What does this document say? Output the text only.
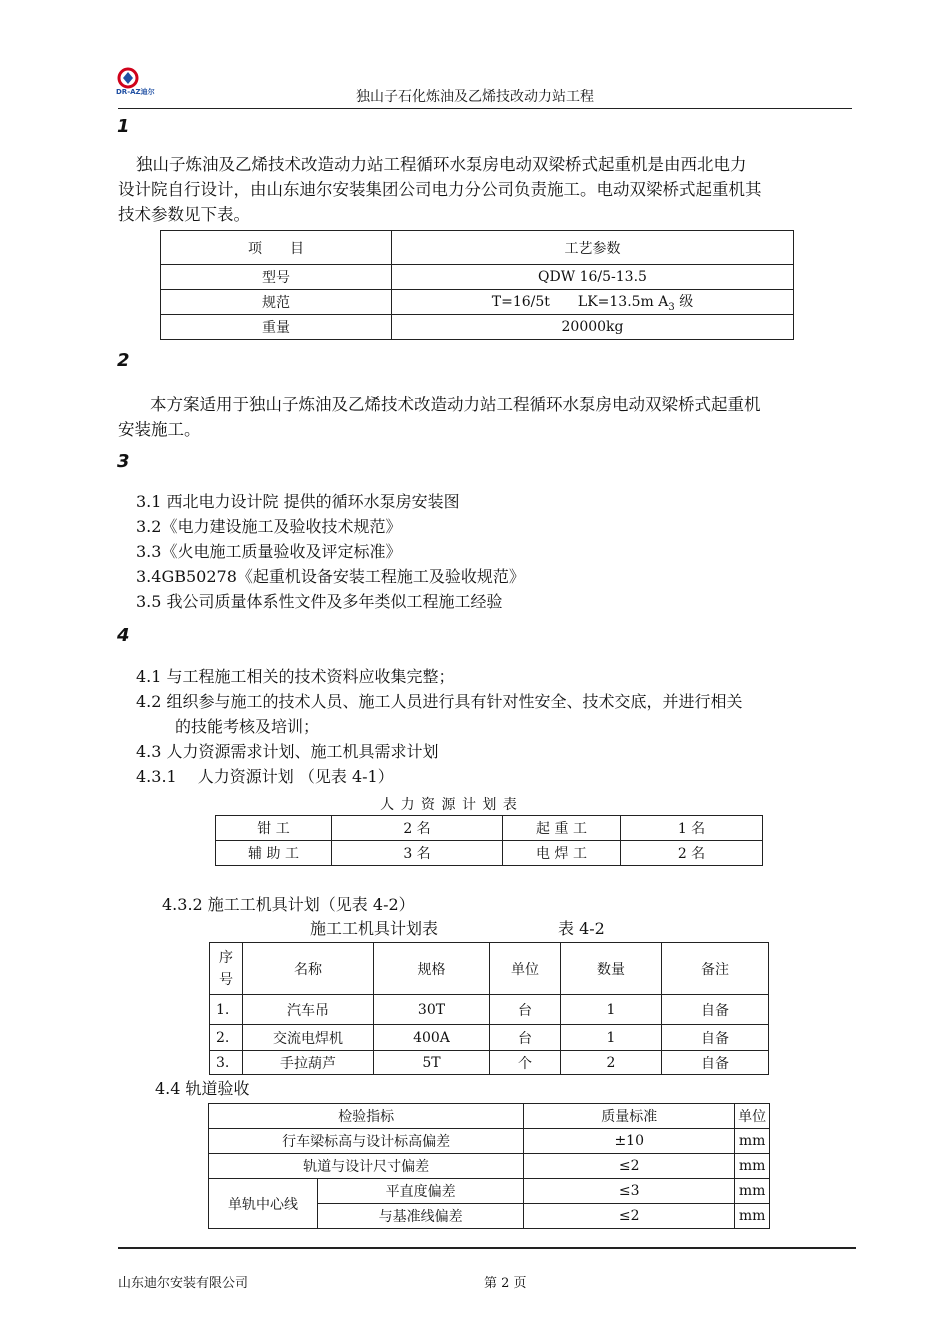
DR-AZ迪尔	独山子石化炼油及乙烯技改动力站工程
1
独山子炼油及乙烯技术改造动力站工程循环水泵房电动双梁桥式起重机是由西北电力
设计院自行设计，由山东迪尔安装集团公司电力分公司负责施工。电动双梁桥式起重机其
技术参数见下表。
项　　目	工艺参数
型号	QDW 16/5-13.5
规范	T=16/5t　　LK=13.5m $A_3$ 级
重量	20000kg
2
本方案适用于独山子炼油及乙烯技术改造动力站工程循环水泵房电动双梁桥式起重机
安装施工。
3
3.1 西北电力设计院 提供的循环水泵房安装图
3.2《电力建设施工及验收技术规范》
3.3《火电施工质量验收及评定标准》
3.4GB50278《起重机设备安装工程施工及验收规范》
3.5 我公司质量体系性文件及多年类似工程施工经验
4
4.1 与工程施工相关的技术资料应收集完整；
4.2 组织参与施工的技术人员、施工人员进行具有针对性安全、技术交底，并进行相关
的技能考核及培训；
4.3 人力资源需求计划、施工机具需求计划
4.3.1　 人力资源计划 （见表 4-1）
人 力 资 源 计 划 表
钳 工	2 名	起 重 工	1 名
辅 助 工	3 名	电 焊 工	2 名
4.3.2 施工工机具计划（见表 4-2）
施工工机具计划表	表 4-2
序
号	名称	规格	单位	数量	备注
1.	汽车吊	30T	台	1	自备
2.	交流电焊机	400A	台	1	自备
3.	手拉葫芦	5T	个	2	自备
4.4 轨道验收
检验指标		质量标准	单位
行车梁标高与设计标高偏差		±10	mm
轨道与设计尺寸偏差		≤2	mm
单轨中心线	平直度偏差	≤3	mm
	与基准线偏差	≤2	mm
山东迪尔安装有限公司	第 2 页
